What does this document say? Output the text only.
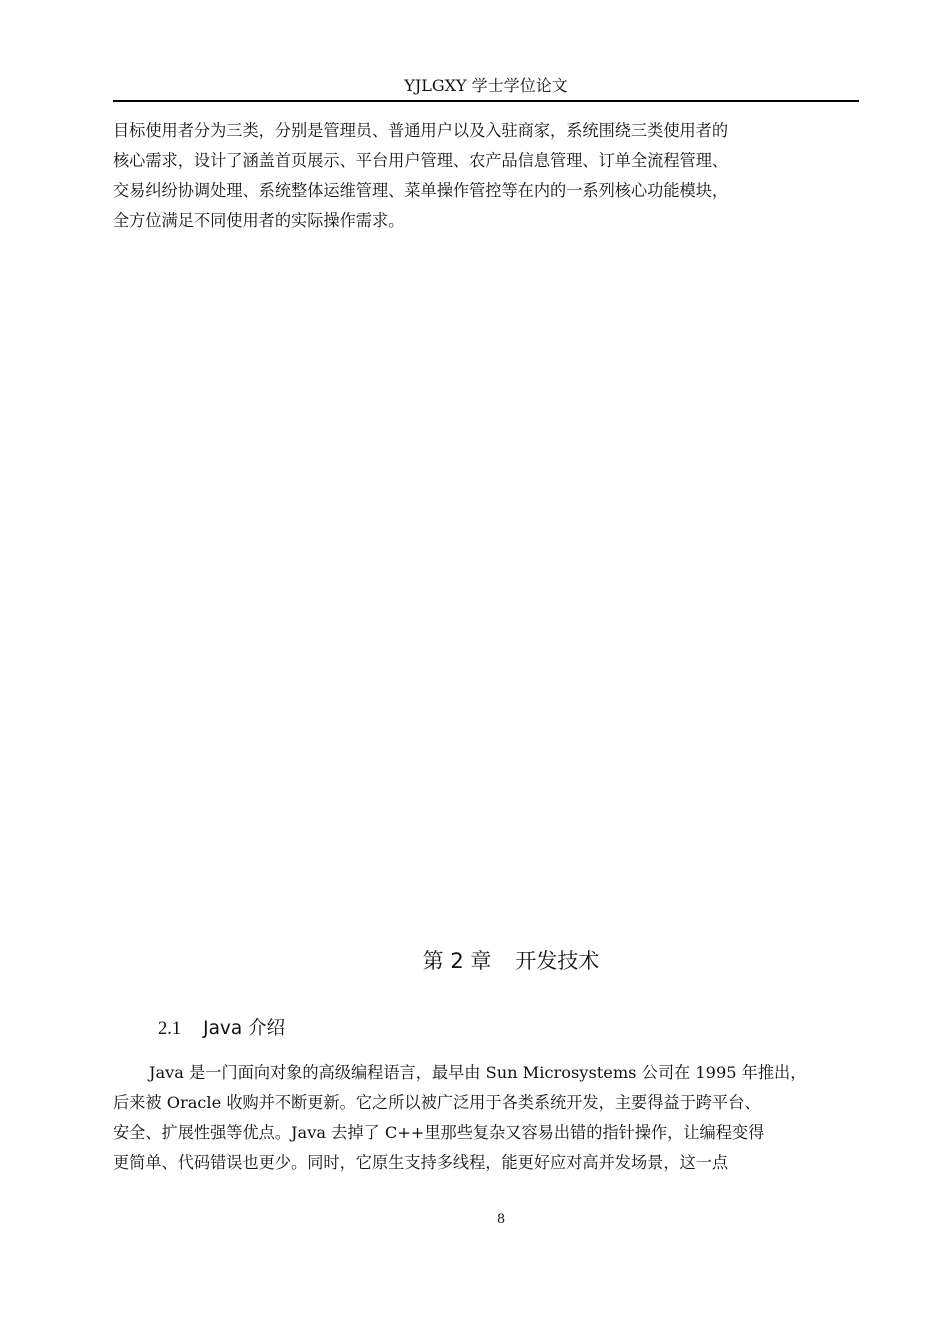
YJLGXY 学士学位论文

目标使用者分为三类，分别是管理员、普通用户以及入驻商家，系统围绕三类使用者的
核心需求，设计了涵盖首页展示、平台用户管理、农产品信息管理、订单全流程管理、
交易纠纷协调处理、系统整体运维管理、菜单操作管控等在内的一系列核心功能模块，
全方位满足不同使用者的实际操作需求。

第 2 章 开发技术
2.1 Java 介绍

Java 是一门面向对象的高级编程语言，最早由 Sun Microsystems 公司在 1995 年推出，
后来被 Oracle 收购并不断更新。它之所以被广泛用于各类系统开发，主要得益于跨平台、
安全、扩展性强等优点。Java 去掉了 C++里那些复杂又容易出错的指针操作，让编程变得
更简单、代码错误也更少。同时，它原生支持多线程，能更好应对高并发场景，这一点

8
